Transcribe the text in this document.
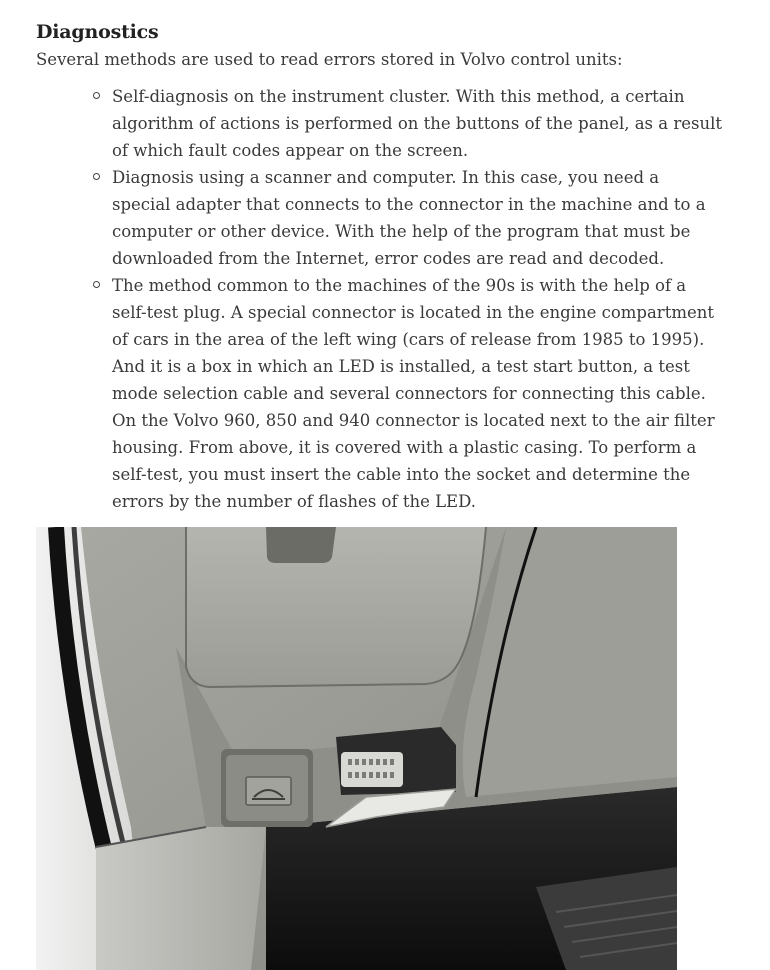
Diagnostics

Several methods are used to read errors stored in Volvo control units:

Self-diagnosis on the instrument cluster. With this method, a certain algorithm of actions is performed on the buttons of the panel, as a result of which fault codes appear on the screen.
Diagnosis using a scanner and computer. In this case, you need a special adapter that connects to the connector in the machine and to a computer or other device. With the help of the program that must be downloaded from the Internet, error codes are read and decoded.
The method common to the machines of the 90s is with the help of a self-test plug. A special connector is located in the engine compartment of cars in the area of the left wing (cars of release from 1985 to 1995). And it is a box in which an LED is installed, a test start button, a test mode selection cable and several connectors for connecting this cable. On the Volvo 960, 850 and 940 connector is located next to the air filter housing. From above, it is covered with a plastic casing. To perform a self-test, you must insert the cable into the socket and determine the errors by the number of flashes of the LED.
